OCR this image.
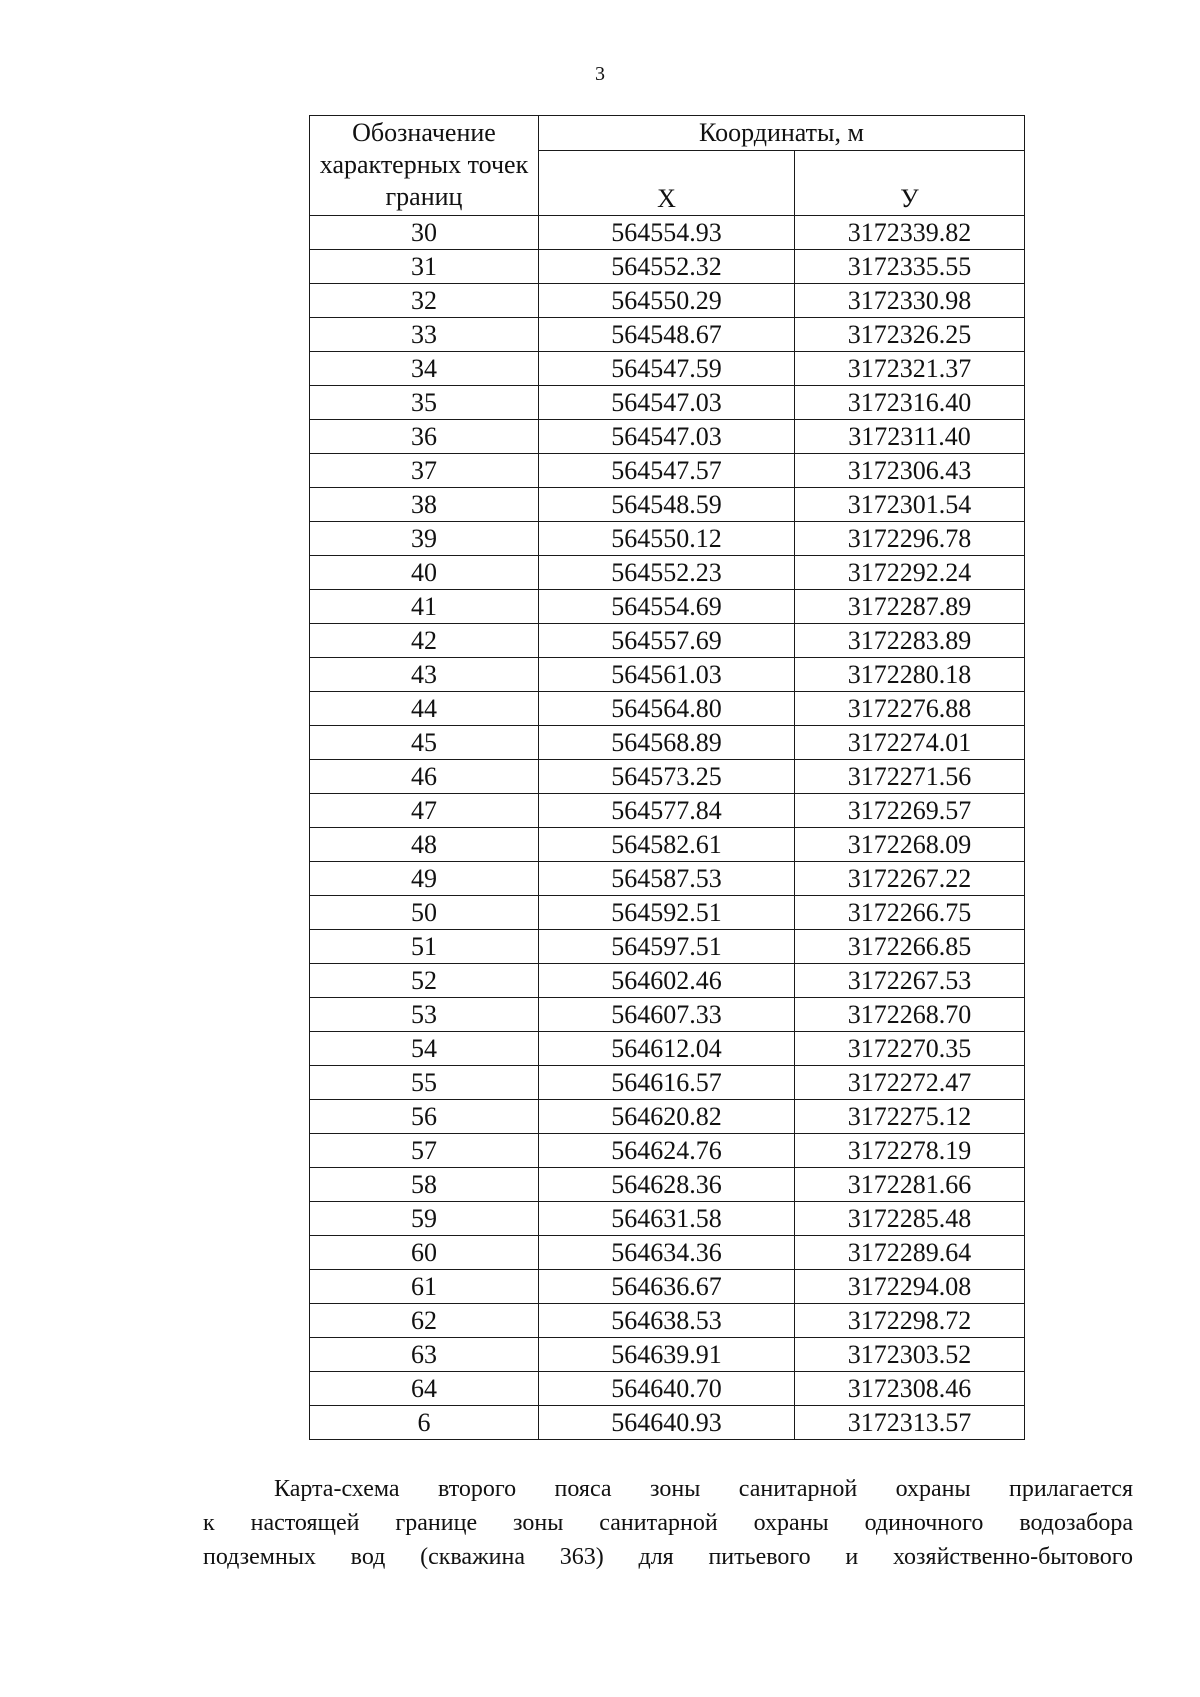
3
Обозначение характерных точек границ	Координаты, м	
	Х	У
30	564554.93	3172339.82
31	564552.32	3172335.55
32	564550.29	3172330.98
33	564548.67	3172326.25
34	564547.59	3172321.37
35	564547.03	3172316.40
36	564547.03	3172311.40
37	564547.57	3172306.43
38	564548.59	3172301.54
39	564550.12	3172296.78
40	564552.23	3172292.24
41	564554.69	3172287.89
42	564557.69	3172283.89
43	564561.03	3172280.18
44	564564.80	3172276.88
45	564568.89	3172274.01
46	564573.25	3172271.56
47	564577.84	3172269.57
48	564582.61	3172268.09
49	564587.53	3172267.22
50	564592.51	3172266.75
51	564597.51	3172266.85
52	564602.46	3172267.53
53	564607.33	3172268.70
54	564612.04	3172270.35
55	564616.57	3172272.47
56	564620.82	3172275.12
57	564624.76	3172278.19
58	564628.36	3172281.66
59	564631.58	3172285.48
60	564634.36	3172289.64
61	564636.67	3172294.08
62	564638.53	3172298.72
63	564639.91	3172303.52
64	564640.70	3172308.46
6	564640.93	3172313.57
Карта-схема второго пояса зоны санитарной охраны прилагается
к настоящей границе зоны санитарной охраны одиночного водозабора
подземных вод (скважина 363) для питьевого и хозяйственно-бытового
